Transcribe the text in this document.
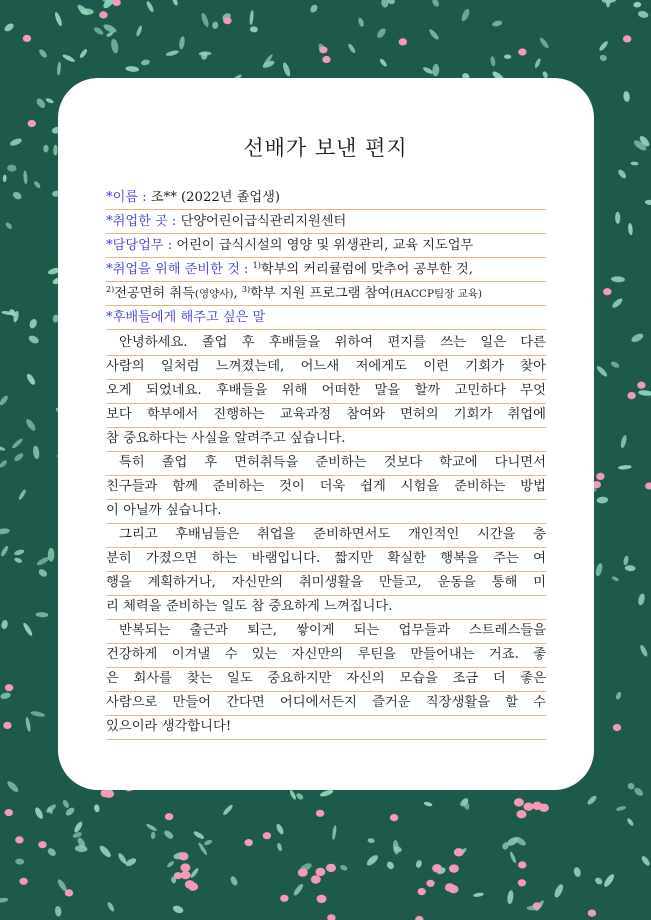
선배가 보낸 편지
*이름 : 조** (2022년 졸업생)
*취업한 곳 : 단양어린이급식관리지원센터
*담당업무 : 어린이 급식시설의 영양 및 위생관리, 교육 지도업무
*취업을 위해 준비한 것 : $^{1)}$학부의 커리큘럼에 맞추어 공부한 것,
$^{2)}$전공면허 취득(영양사), $^{3)}$학부 지원 프로그램 참여(HACCP팀장 교육)
*후배들에게 해주고 싶은 말
안녕하세요. 졸업 후 후배들을 위하여 편지를 쓰는 일은 다른
사람의 일처럼 느껴졌는데, 어느새 저에게도 이런 기회가 찾아
오게 되었네요. 후배들을 위해 어떠한 말을 할까 고민하다 무엇
보다 학부에서 진행하는 교육과정 참여와 면허의 기회가 취업에
참 중요하다는 사실을 알려주고 싶습니다.
특히 졸업 후 면허취득을 준비하는 것보다 학교에 다니면서
친구들과 함께 준비하는 것이 더욱 쉽게 시험을 준비하는 방법
이 아닐까 싶습니다.
그리고 후배님들은 취업을 준비하면서도 개인적인 시간을 충
분히 가졌으면 하는 바램입니다. 짧지만 확실한 행복을 주는 여
행을 계획하거나, 자신만의 취미생활을 만들고, 운동을 통해 미
리 체력을 준비하는 일도 참 중요하게 느껴집니다.
반복되는 출근과 퇴근, 쌓이게 되는 업무들과 스트레스들을
건강하게 이겨낼 수 있는 자신만의 루틴을 만들어내는 거죠. 좋
은 회사를 찾는 일도 중요하지만 자신의 모습을 조금 더 좋은
사람으로 만들어 간다면 어디에서든지 즐거운 직장생활을 할 수
있으이라 생각합니다!
